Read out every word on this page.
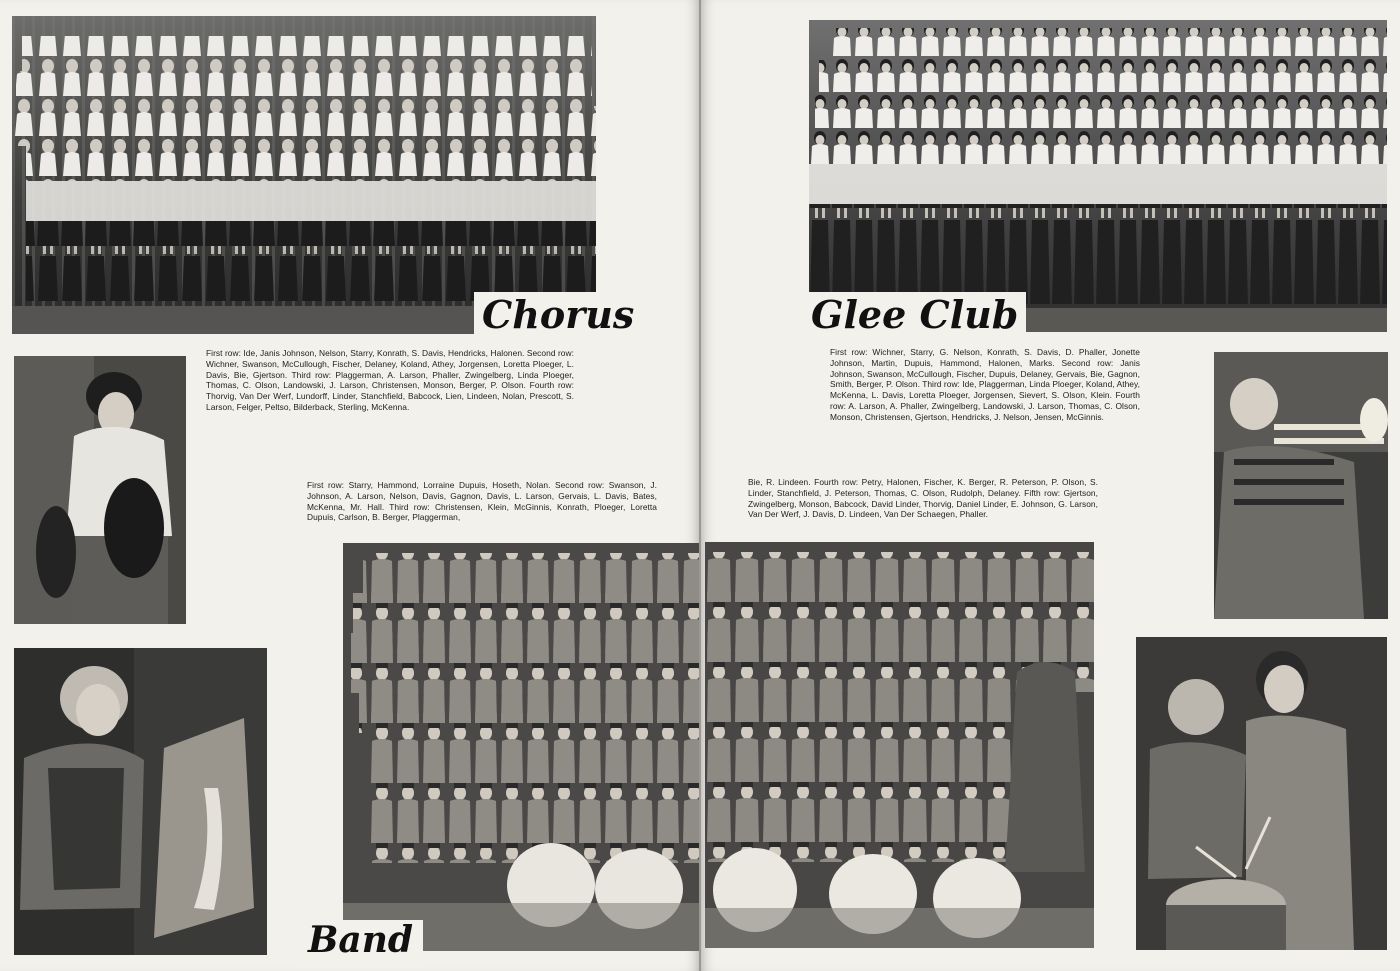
Chorus	Glee Club
First row: Ide, Janis Johnson, Nelson, Starry, Konrath, S. Davis, Hendricks, Halonen. Second row: Wichner, Swanson, McCullough, Fischer, Delaney, Koland, Athey, Jorgensen, Loretta Ploeger, L. Davis, Bie, Gjertson. Third row: Plaggerman, A. Larson, Phaller, Zwingelberg, Linda Ploeger, Thomas, C. Olson, Landowski, J. Larson, Christensen, Monson, Berger, P. Olson. Fourth row: Thorvig, Van Der Werf, Lundorff, Linder, Stanchfield, Babcock, Lien, Lindeen, Nolan, Prescott, S. Larson, Felger, Peltso, Bilderback, Sterling, McKenna.
First row: Wichner, Starry, G. Nelson, Konrath, S. Davis, D. Phaller, Jonette Johnson, Martin, Dupuis, Hammond, Halonen, Marks. Second row: Janis Johnson, Swanson, McCullough, Fischer, Dupuis, Delaney, Gervais, Bie, Gagnon, Smith, Berger, P. Olson. Third row: Ide, Plaggerman, Linda Ploeger, Koland, Athey, McKenna, L. Davis, Loretta Ploeger, Jorgensen, Sievert, S. Olson, Klein. Fourth row: A. Larson, A. Phaller, Zwingelberg, Landowski, J. Larson, Thomas, C. Olson, Monson, Christensen, Gjertson, Hendricks, J. Nelson, Jensen, McGinnis.
First row: Starry, Hammond, Lorraine Dupuis, Hoseth, Nolan. Second row: Swanson, J. Johnson, A. Larson, Nelson, Davis, Gagnon, Davis, L. Larson, Gervais, L. Davis, Bates, McKenna, Mr. Hall. Third row: Christensen, Klein, McGinnis, Konrath, Ploeger, Loretta Dupuis, Carlson, B. Berger, Plaggerman,
Bie, R. Lindeen. Fourth row: Petry, Halonen, Fischer, K. Berger, R. Peterson, P. Olson, S. Linder, Stanchfield, J. Peterson, Thomas, C. Olson, Rudolph, Delaney. Fifth row: Gjertson, Zwingelberg, Monson, Babcock, David Linder, Thorvig, Daniel Linder, E. Johnson, G. Larson, Van Der Werf, J. Davis, D. Lindeen, Van Der Schaegen, Phaller.
Band
